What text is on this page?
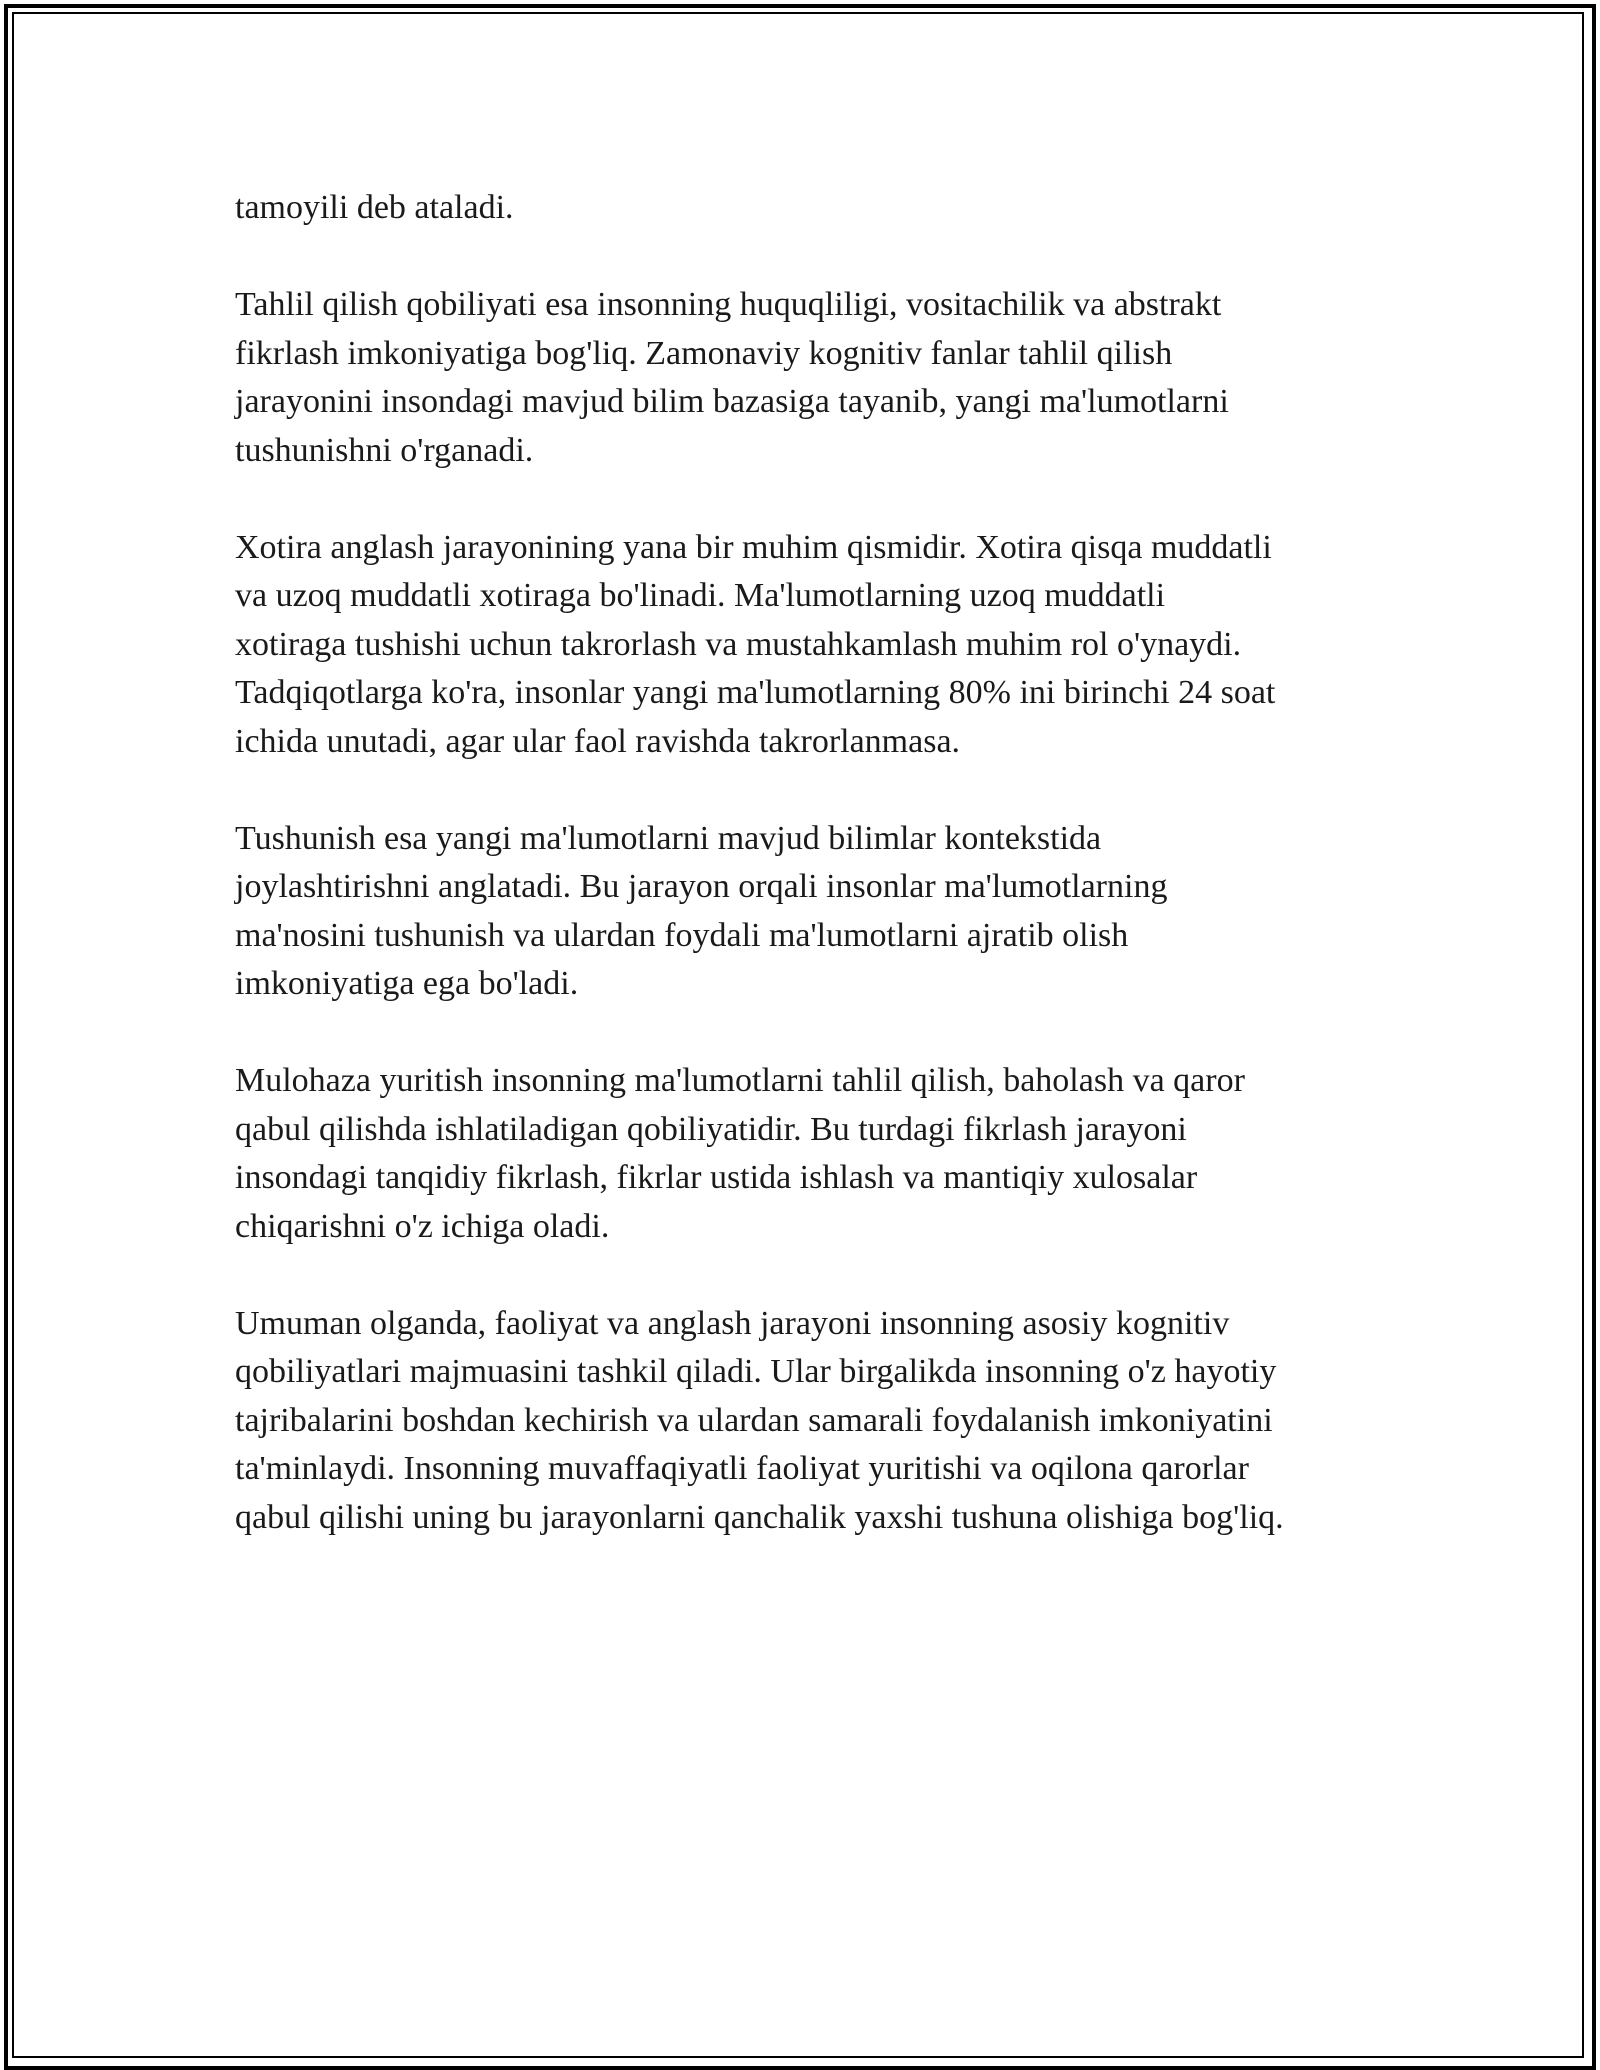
tamoyili deb ataladi.

Tahlil qilish qobiliyati esa insonning huquqliligi, vositachilik va abstrakt
fikrlash imkoniyatiga bog'liq. Zamonaviy kognitiv fanlar tahlil qilish
jarayonini insondagi mavjud bilim bazasiga tayanib, yangi ma'lumotlarni
tushunishni o'rganadi.

Xotira anglash jarayonining yana bir muhim qismidir. Xotira qisqa muddatli
va uzoq muddatli xotiraga bo'linadi. Ma'lumotlarning uzoq muddatli
xotiraga tushishi uchun takrorlash va mustahkamlash muhim rol o'ynaydi.
Tadqiqotlarga ko'ra, insonlar yangi ma'lumotlarning 80% ini birinchi 24 soat
ichida unutadi, agar ular faol ravishda takrorlanmasa.

Tushunish esa yangi ma'lumotlarni mavjud bilimlar kontekstida
joylashtirishni anglatadi. Bu jarayon orqali insonlar ma'lumotlarning
ma'nosini tushunish va ulardan foydali ma'lumotlarni ajratib olish
imkoniyatiga ega bo'ladi.

Mulohaza yuritish insonning ma'lumotlarni tahlil qilish, baholash va qaror
qabul qilishda ishlatiladigan qobiliyatidir. Bu turdagi fikrlash jarayoni
insondagi tanqidiy fikrlash, fikrlar ustida ishlash va mantiqiy xulosalar
chiqarishni o'z ichiga oladi.

Umuman olganda, faoliyat va anglash jarayoni insonning asosiy kognitiv
qobiliyatlari majmuasini tashkil qiladi. Ular birgalikda insonning o'z hayotiy
tajribalarini boshdan kechirish va ulardan samarali foydalanish imkoniyatini
ta'minlaydi. Insonning muvaffaqiyatli faoliyat yuritishi va oqilona qarorlar
qabul qilishi uning bu jarayonlarni qanchalik yaxshi tushuna olishiga bog'liq.
